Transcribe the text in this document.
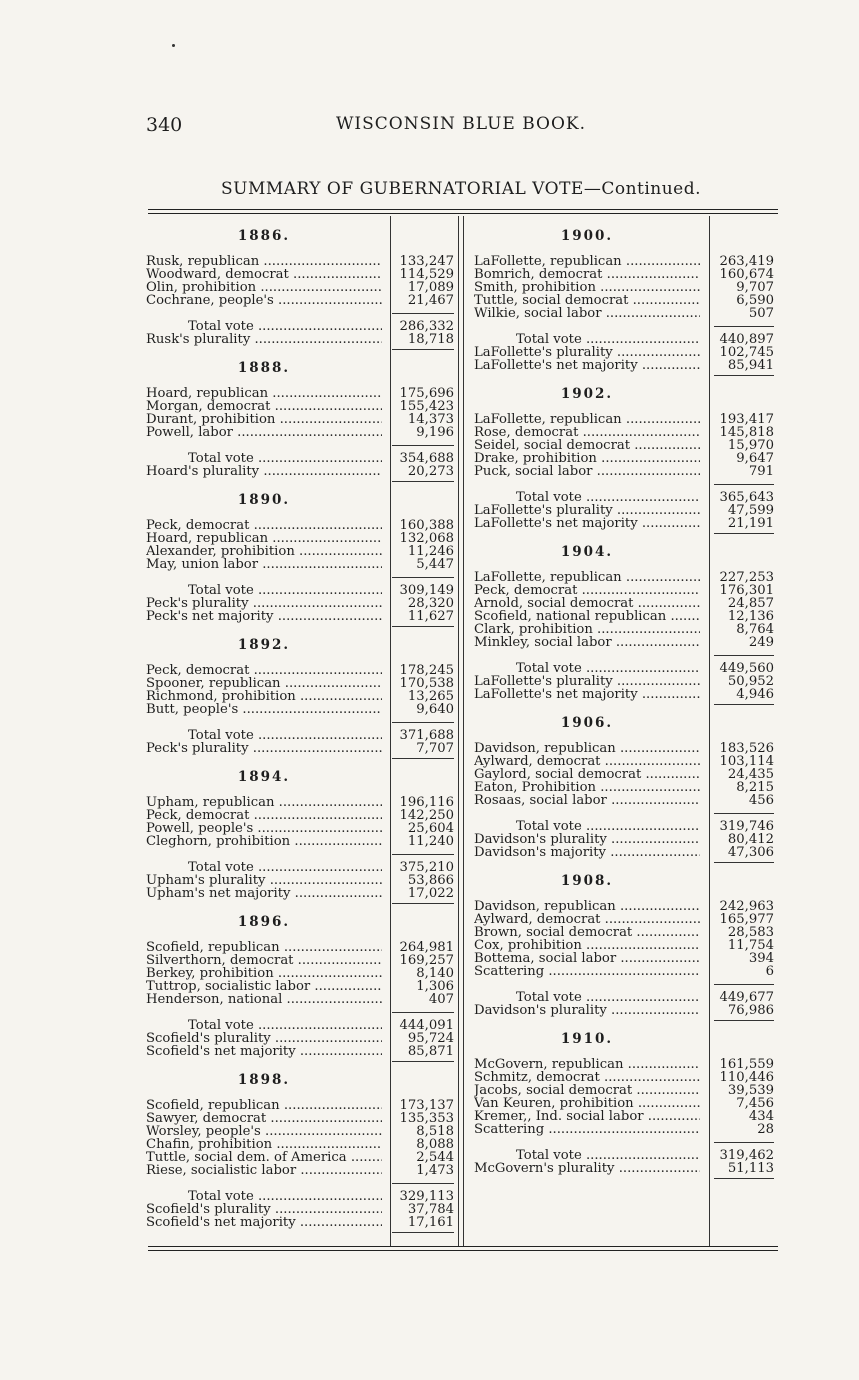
340	WISCONSIN BLUE BOOK.
SUMMARY OF GUBERNATORIAL VOTE—Continued.
1886.
Rusk, republican .....	133,247
Woodward, democrat .....	114,529
Olin, prohibition .....	17,089
Cochrane, people's .....	21,467
Total vote .....	286,332
Rusk's plurality .....	18,718
1888.
Hoard, republican .....	175,696
Morgan, democrat .....	155,423
Durant, prohibition .....	14,373
Powell, labor .....	9,196
Total vote .....	354,688
Hoard's plurality .....	20,273
1890.
Peck, democrat .....	160,388
Hoard, republican .....	132,068
Alexander, prohibition .....	11,246
May, union labor .....	5,447
Total vote .....	309,149
Peck's plurality .....	28,320
Peck's net majority .....	11,627
1892.
Peck, democrat .....	178,245
Spooner, republican .....	170,538
Richmond, prohibition .....	13,265
Butt, people's .....	9,640
Total vote .....	371,688
Peck's plurality .....	7,707
1894.
Upham, republican .....	196,116
Peck, democrat .....	142,250
Powell, people's .....	25,604
Cleghorn, prohibition .....	11,240
Total vote .....	375,210
Upham's plurality .....	53,866
Upham's net majority .....	17,022
1896.
Scofield, republican .....	264,981
Silverthorn, democrat .....	169,257
Berkey, prohibition .....	8,140
Tuttrop, socialistic labor .....	1,306
Henderson, national .....	407
Total vote .....	444,091
Scofield's plurality .....	95,724
Scofield's net majority .....	85,871
1898.
Scofield, republican .....	173,137
Sawyer, democrat .....	135,353
Worsley, people's .....	8,518
Chafin, prohibition .....	8,088
Tuttle, social dem. of America .....	2,544
Riese, socialistic labor .....	1,473
Total vote .....	329,113
Scofield's plurality .....	37,784
Scofield's net majority .....	17,161
1900.
LaFollette, republican .....	263,419
Bomrich, democrat .....	160,674
Smith, prohibition .....	9,707
Tuttle, social democrat .....	6,590
Wilkie, social labor .....	507
Total vote .....	440,897
LaFollette's plurality .....	102,745
LaFollette's net majority .....	85,941
1902.
LaFollette, republican .....	193,417
Rose, democrat .....	145,818
Seidel, social democrat .....	15,970
Drake, prohibition .....	9,647
Puck, social labor .....	791
Total vote .....	365,643
LaFollette's plurality .....	47,599
LaFollette's net majority .....	21,191
1904.
LaFollette, republican .....	227,253
Peck, democrat .....	176,301
Arnold, social democrat .....	24,857
Scofield, national republican .....	12,136
Clark, prohibition .....	8,764
Minkley, social labor .....	249
Total vote .....	449,560
LaFollette's plurality .....	50,952
LaFollette's net majority .....	4,946
1906.
Davidson, republican .....	183,526
Aylward, democrat .....	103,114
Gaylord, social democrat .....	24,435
Eaton, Prohibition .....	8,215
Rosaas, social labor .....	456
Total vote .....	319,746
Davidson's plurality .....	80,412
Davidson's majority .....	47,306
1908.
Davidson, republican .....	242,963
Aylward, democrat .....	165,977
Brown, social democrat .....	28,583
Cox, prohibition .....	11,754
Bottema, social labor .....	394
Scattering .....	6
Total vote .....	449,677
Davidson's plurality .....	76,986
1910.
McGovern, republican .....	161,559
Schmitz, democrat .....	110,446
Jacobs, social democrat .....	39,539
Van Keuren, prohibition .....	7,456
Kremer,, Ind. social labor .....	434
Scattering .....	28
Total vote .....	319,462
McGovern's plurality .....	51,113
